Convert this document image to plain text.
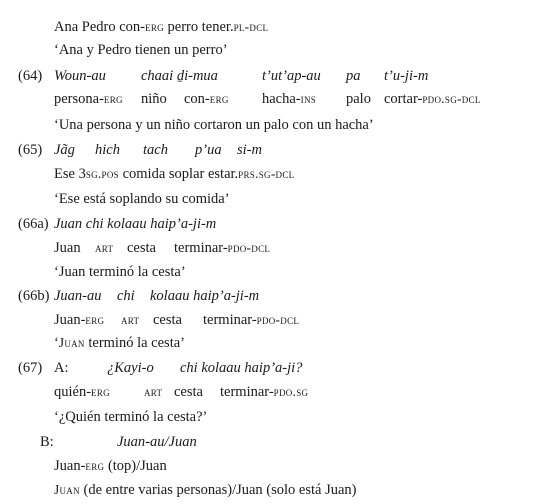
Ana Pedro con-erg perro tener.pl-dcl
‘Ana y Pedro tienen un perro’
(64) Woun-au chaai ḏi-mua	t’ut’ap-au pa t’u-ji-m
persona-erg niño con-erg hacha-ins palo cortar-pdo.sg-dcl
‘Una persona y un niño cortaron un palo con un hacha’
(65) Jãg hich tach p’ua si-m
Ese 3sg.pos comida soplar estar.prs.sg-dcl
‘Ese está soplando su comida’
(66a) Juan chi kolaau haip’a-ji-m
Juan art cesta terminar-pdo-dcl
‘Juan terminó la cesta’
(66b) Juan-au chi kolaau haip’a-ji-m
Juan-erg art cesta terminar-pdo-dcl
‘Juan terminó la cesta’
(67) A:	¿Kayi-o chi kolaau haip’a-ji?
quién-erg	art cesta terminar-pdo.sg
‘¿Quién terminó la cesta?’
B:	Juan-au/Juan
Juan-erg (top)/Juan
Juan (de entre varias personas)/Juan (solo está Juan)
